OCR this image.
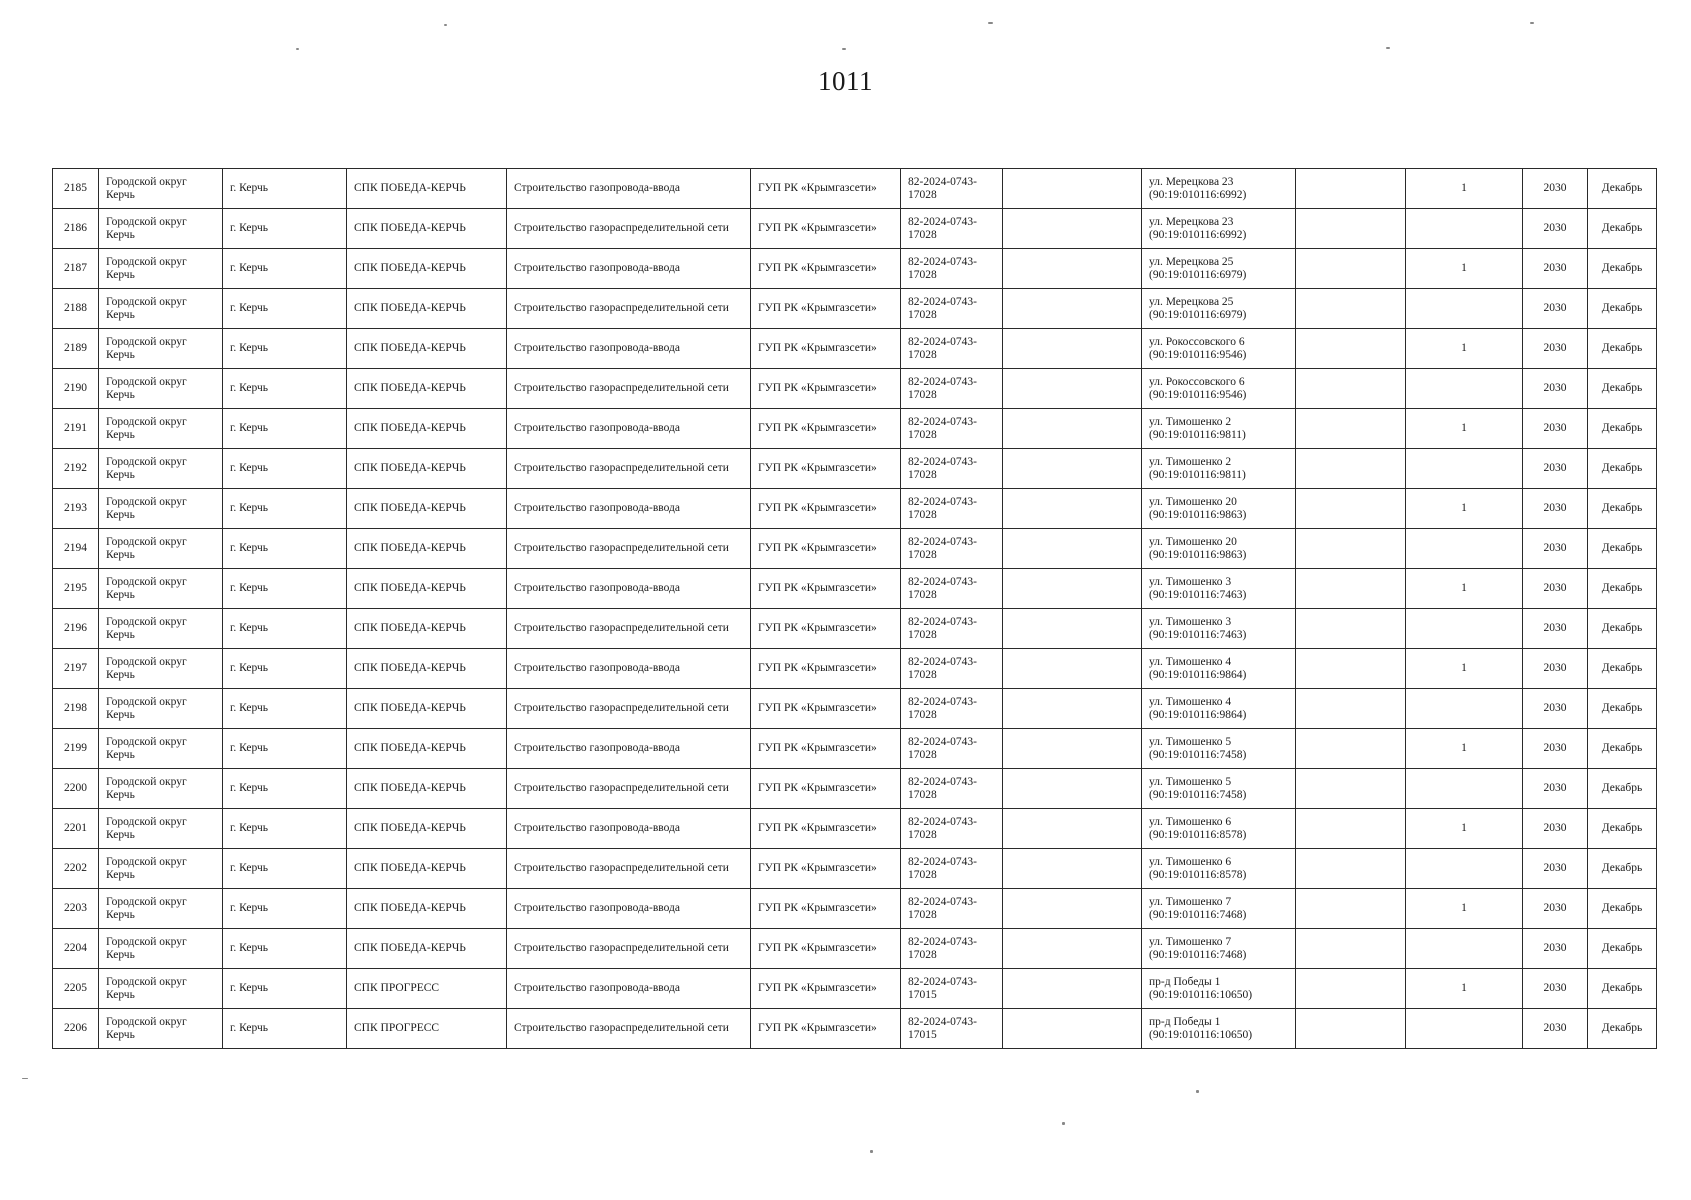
1011
2185	Городской округ Керчь	г. Керчь	СПК ПОБЕДА-КЕРЧЬ	Строительство газопровода-ввода	ГУП РК «Крымгазсети»	82-2024-0743-17028		ул. Мерецкова 23 (90:19:010116:6992)		1	2030	Декабрь
2186	Городской округ Керчь	г. Керчь	СПК ПОБЕДА-КЕРЧЬ	Строительство газораспределительной сети	ГУП РК «Крымгазсети»	82-2024-0743-17028		ул. Мерецкова 23 (90:19:010116:6992)			2030	Декабрь
2187	Городской округ Керчь	г. Керчь	СПК ПОБЕДА-КЕРЧЬ	Строительство газопровода-ввода	ГУП РК «Крымгазсети»	82-2024-0743-17028		ул. Мерецкова 25 (90:19:010116:6979)		1	2030	Декабрь
2188	Городской округ Керчь	г. Керчь	СПК ПОБЕДА-КЕРЧЬ	Строительство газораспределительной сети	ГУП РК «Крымгазсети»	82-2024-0743-17028		ул. Мерецкова 25 (90:19:010116:6979)			2030	Декабрь
2189	Городской округ Керчь	г. Керчь	СПК ПОБЕДА-КЕРЧЬ	Строительство газопровода-ввода	ГУП РК «Крымгазсети»	82-2024-0743-17028		ул. Рокоссовского 6 (90:19:010116:9546)		1	2030	Декабрь
2190	Городской округ Керчь	г. Керчь	СПК ПОБЕДА-КЕРЧЬ	Строительство газораспределительной сети	ГУП РК «Крымгазсети»	82-2024-0743-17028		ул. Рокоссовского 6 (90:19:010116:9546)			2030	Декабрь
2191	Городской округ Керчь	г. Керчь	СПК ПОБЕДА-КЕРЧЬ	Строительство газопровода-ввода	ГУП РК «Крымгазсети»	82-2024-0743-17028		ул. Тимошенко 2 (90:19:010116:9811)		1	2030	Декабрь
2192	Городской округ Керчь	г. Керчь	СПК ПОБЕДА-КЕРЧЬ	Строительство газораспределительной сети	ГУП РК «Крымгазсети»	82-2024-0743-17028		ул. Тимошенко 2 (90:19:010116:9811)			2030	Декабрь
2193	Городской округ Керчь	г. Керчь	СПК ПОБЕДА-КЕРЧЬ	Строительство газопровода-ввода	ГУП РК «Крымгазсети»	82-2024-0743-17028		ул. Тимошенко 20 (90:19:010116:9863)		1	2030	Декабрь
2194	Городской округ Керчь	г. Керчь	СПК ПОБЕДА-КЕРЧЬ	Строительство газораспределительной сети	ГУП РК «Крымгазсети»	82-2024-0743-17028		ул. Тимошенко 20 (90:19:010116:9863)			2030	Декабрь
2195	Городской округ Керчь	г. Керчь	СПК ПОБЕДА-КЕРЧЬ	Строительство газопровода-ввода	ГУП РК «Крымгазсети»	82-2024-0743-17028		ул. Тимошенко 3 (90:19:010116:7463)		1	2030	Декабрь
2196	Городской округ Керчь	г. Керчь	СПК ПОБЕДА-КЕРЧЬ	Строительство газораспределительной сети	ГУП РК «Крымгазсети»	82-2024-0743-17028		ул. Тимошенко 3 (90:19:010116:7463)			2030	Декабрь
2197	Городской округ Керчь	г. Керчь	СПК ПОБЕДА-КЕРЧЬ	Строительство газопровода-ввода	ГУП РК «Крымгазсети»	82-2024-0743-17028		ул. Тимошенко 4 (90:19:010116:9864)		1	2030	Декабрь
2198	Городской округ Керчь	г. Керчь	СПК ПОБЕДА-КЕРЧЬ	Строительство газораспределительной сети	ГУП РК «Крымгазсети»	82-2024-0743-17028		ул. Тимошенко 4 (90:19:010116:9864)			2030	Декабрь
2199	Городской округ Керчь	г. Керчь	СПК ПОБЕДА-КЕРЧЬ	Строительство газопровода-ввода	ГУП РК «Крымгазсети»	82-2024-0743-17028		ул. Тимошенко 5 (90:19:010116:7458)		1	2030	Декабрь
2200	Городской округ Керчь	г. Керчь	СПК ПОБЕДА-КЕРЧЬ	Строительство газораспределительной сети	ГУП РК «Крымгазсети»	82-2024-0743-17028		ул. Тимошенко 5 (90:19:010116:7458)			2030	Декабрь
2201	Городской округ Керчь	г. Керчь	СПК ПОБЕДА-КЕРЧЬ	Строительство газопровода-ввода	ГУП РК «Крымгазсети»	82-2024-0743-17028		ул. Тимошенко 6 (90:19:010116:8578)		1	2030	Декабрь
2202	Городской округ Керчь	г. Керчь	СПК ПОБЕДА-КЕРЧЬ	Строительство газораспределительной сети	ГУП РК «Крымгазсети»	82-2024-0743-17028		ул. Тимошенко 6 (90:19:010116:8578)			2030	Декабрь
2203	Городской округ Керчь	г. Керчь	СПК ПОБЕДА-КЕРЧЬ	Строительство газопровода-ввода	ГУП РК «Крымгазсети»	82-2024-0743-17028		ул. Тимошенко 7 (90:19:010116:7468)		1	2030	Декабрь
2204	Городской округ Керчь	г. Керчь	СПК ПОБЕДА-КЕРЧЬ	Строительство газораспределительной сети	ГУП РК «Крымгазсети»	82-2024-0743-17028		ул. Тимошенко 7 (90:19:010116:7468)			2030	Декабрь
2205	Городской округ Керчь	г. Керчь	СПК ПРОГРЕСС	Строительство газопровода-ввода	ГУП РК «Крымгазсети»	82-2024-0743-17015		пр-д Победы 1 (90:19:010116:10650)		1	2030	Декабрь
2206	Городской округ Керчь	г. Керчь	СПК ПРОГРЕСС	Строительство газораспределительной сети	ГУП РК «Крымгазсети»	82-2024-0743-17015		пр-д Победы 1 (90:19:010116:10650)			2030	Декабрь
